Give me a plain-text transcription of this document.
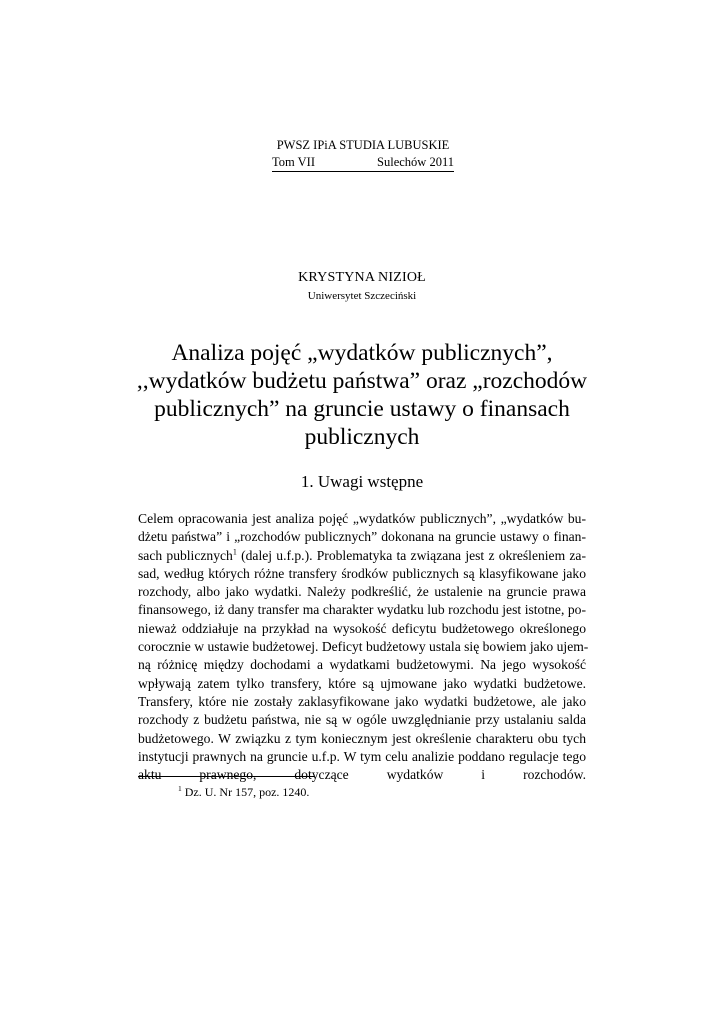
PWSZ IPiA STUDIA LUBUSKIE
Tom VII	Sulechów 2011
KRYSTYNA NIZIOŁ
Uniwersytet Szczeciński
Analiza pojęć „wydatków publicznych”,
,,wydatków budżetu państwa” oraz „rozchodów
publicznych” na gruncie ustawy o finansach
publicznych
1. Uwagi wstępne
Celem opracowania jest analiza pojęć „wydatków publicznych”, „wydatków bu-
dżetu państwa” i „rozchodów publicznych” dokonana na gruncie ustawy o finan-
sach publicznych$^1$ (dalej u.f.p.). Problematyka ta związana jest z określeniem za-
sad, według których różne transfery środków publicznych są klasyfikowane jako
rozchody, albo jako wydatki. Należy podkreślić, że ustalenie na gruncie prawa
finansowego, iż dany transfer ma charakter wydatku lub rozchodu jest istotne, po-
nieważ oddziałuje na przykład na wysokość deficytu budżetowego określonego
corocznie w ustawie budżetowej. Deficyt budżetowy ustala się bowiem jako ujem-
ną różnicę między dochodami a wydatkami budżetowymi. Na jego wysokość
wpływają zatem tylko transfery, które są ujmowane jako wydatki budżetowe.
Transfery, które nie zostały zaklasyfikowane jako wydatki budżetowe, ale jako
rozchody z budżetu państwa, nie są w ogóle uwzględnianie przy ustalaniu salda
budżetowego. W związku z tym koniecznym jest określenie charakteru obu tych
instytucji prawnych na gruncie u.f.p. W tym celu analizie poddano regulacje tego
aktu prawnego, dotyczące wydatków i rozchodów.
$^1$ Dz. U. Nr 157, poz. 1240.
